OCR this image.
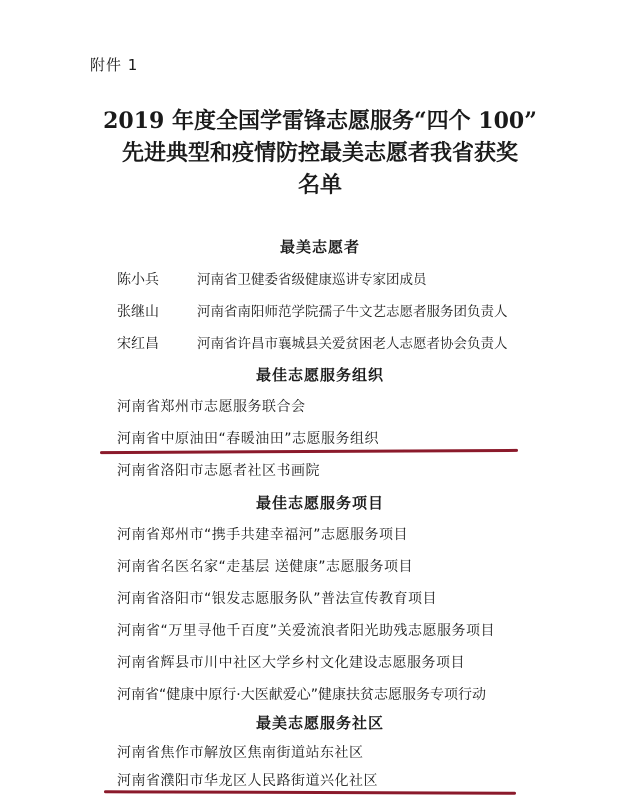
附件 1
2019 年度全国学雷锋志愿服务“四个 100”
先进典型和疫情防控最美志愿者我省获奖
名单
最美志愿者
陈小兵	河南省卫健委省级健康巡讲专家团成员
张继山	河南省南阳师范学院孺子牛文艺志愿者服务团负责人
宋红昌	河南省许昌市襄城县关爱贫困老人志愿者协会负责人
最佳志愿服务组织
河南省郑州市志愿服务联合会
河南省中原油田“春暖油田”志愿服务组织
河南省洛阳市志愿者社区书画院
最佳志愿服务项目
河南省郑州市“携手共建幸福河”志愿服务项目
河南省名医名家“走基层 送健康”志愿服务项目
河南省洛阳市“银发志愿服务队”普法宣传教育项目
河南省“万里寻他千百度”关爱流浪者阳光助残志愿服务项目
河南省辉县市川中社区大学乡村文化建设志愿服务项目
河南省“健康中原行·大医献爱心”健康扶贫志愿服务专项行动
最美志愿服务社区
河南省焦作市解放区焦南街道站东社区
河南省濮阳市华龙区人民路街道兴化社区
